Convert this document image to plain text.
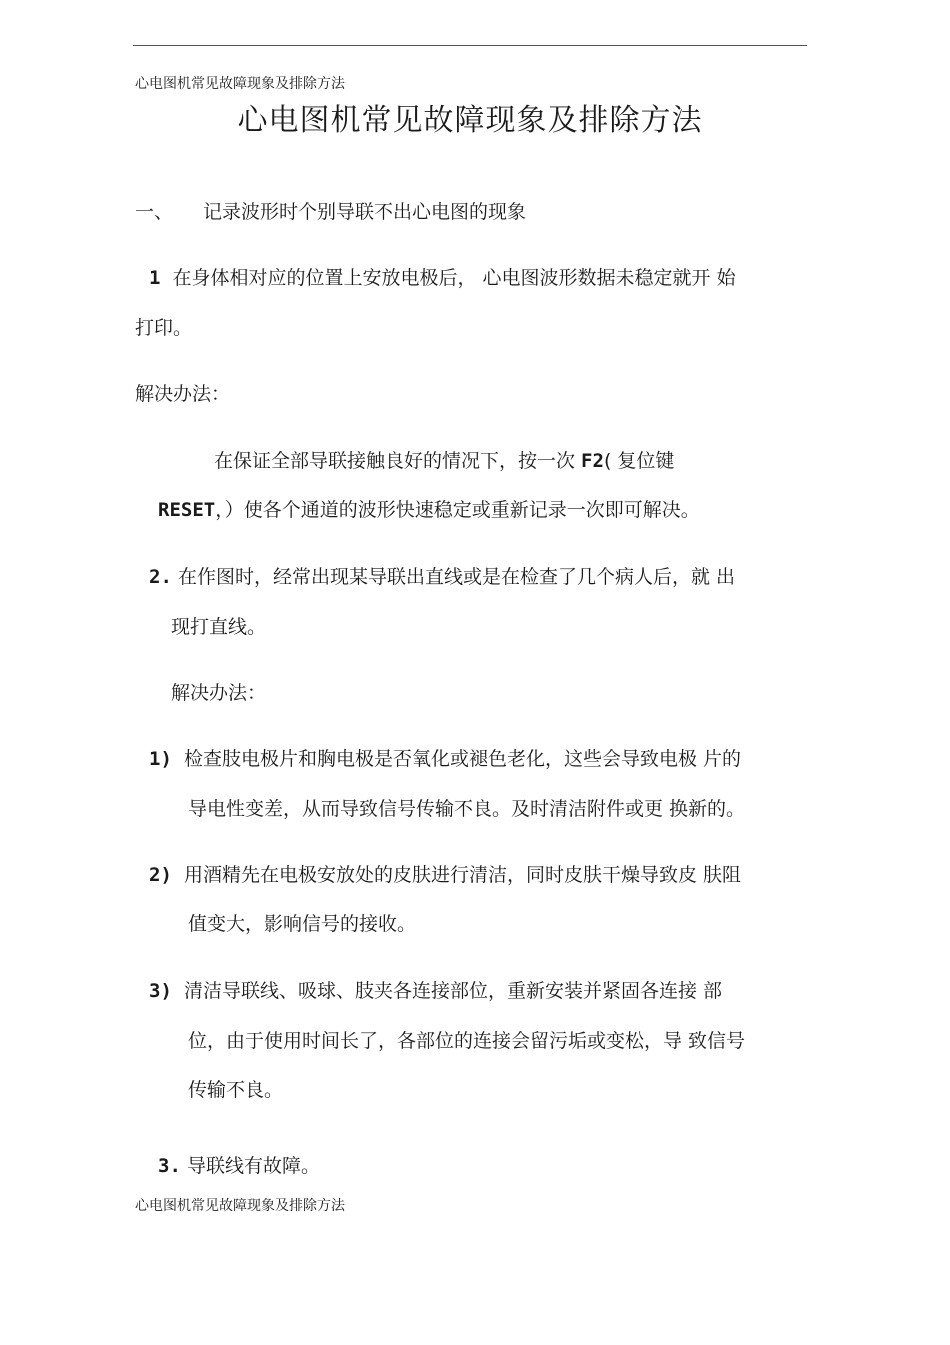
心电图机常见故障现象及排除方法
心电图机常见故障现象及排除方法
一、 记录波形时个别导联不出心电图的现象
1 在身体相对应的位置上安放电极后， 心电图波形数据未稳定就开 始
打印。
解决办法：
在保证全部导联接触良好的情况下，按一次 F2( 复位键
RESET，）使各个通道的波形快速稳定或重新记录一次即可解决。
2. 在作图时，经常出现某导联出直线或是在检查了几个病人后，就 出
现打直线。
解决办法：
1) 检查肢电极片和胸电极是否氧化或褪色老化，这些会导致电极 片的
导电性变差，从而导致信号传输不良。及时清洁附件或更 换新的。
2) 用酒精先在电极安放处的皮肤进行清洁，同时皮肤干燥导致皮 肤阻
值变大，影响信号的接收。
3) 清洁导联线、吸球、肢夹各连接部位，重新安装并紧固各连接 部
位，由于使用时间长了，各部位的连接会留污垢或变松，导 致信号
传输不良。
3. 导联线有故障。
心电图机常见故障现象及排除方法
